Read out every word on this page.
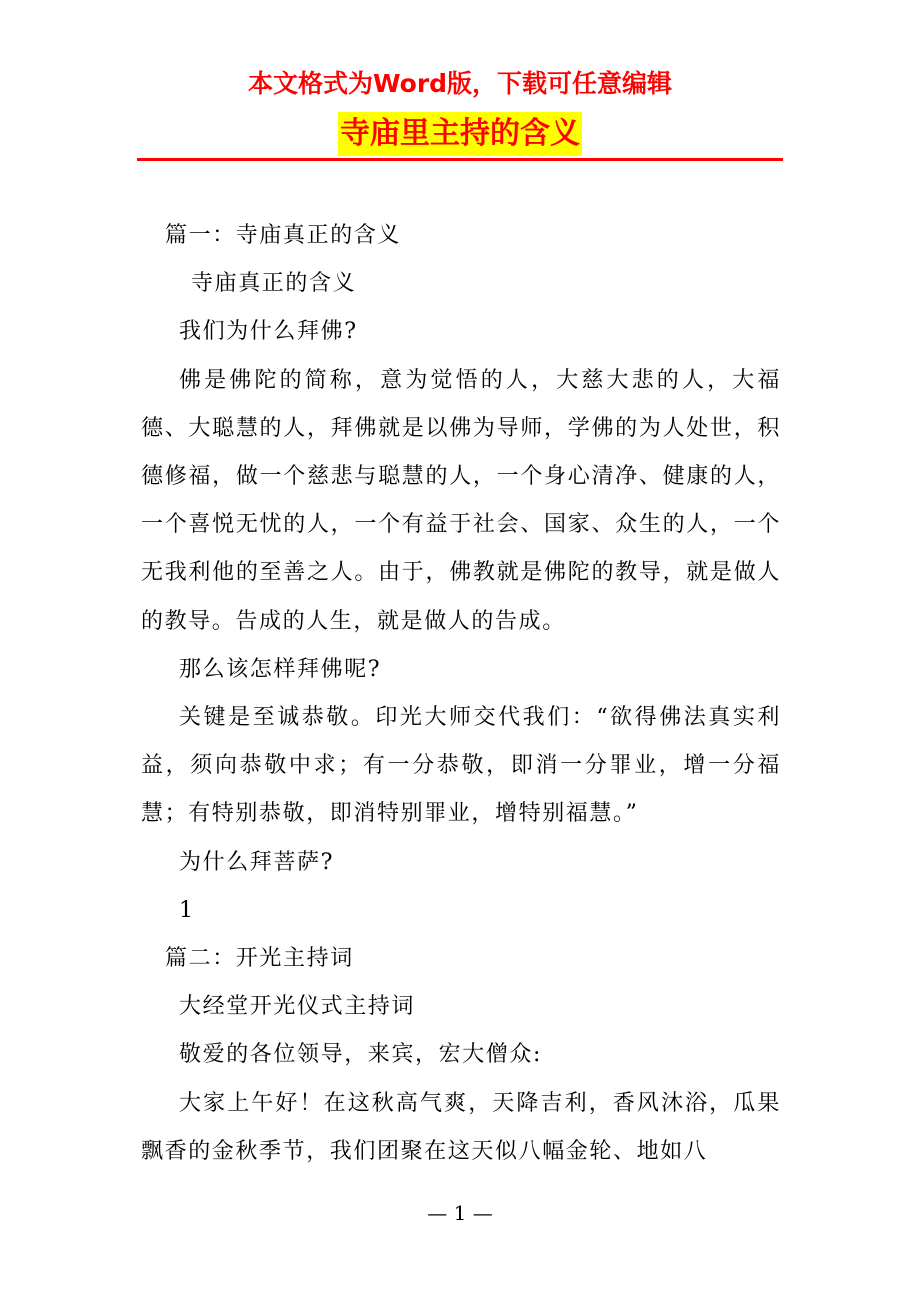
本文格式为Word版，下载可任意编辑
寺庙里主持的含义

篇一：寺庙真正的含义

寺庙真正的含义

我们为什么拜佛?

佛是佛陀的简称，意为觉悟的人，大慈大悲的人，大福德、大聪慧的人，拜佛就是以佛为导师，学佛的为人处世，积德修福，做一个慈悲与聪慧的人，一个身心清净、健康的人，一个喜悦无忧的人，一个有益于社会、国家、众生的人，一个无我利他的至善之人。由于，佛教就是佛陀的教导，就是做人的教导。告成的人生，就是做人的告成。

那么该怎样拜佛呢?

关键是至诚恭敬。印光大师交代我们：“欲得佛法真实利益，须向恭敬中求；有一分恭敬，即消一分罪业，增一分福慧；有特别恭敬，即消特别罪业，增特别福慧。”

为什么拜菩萨?

1

篇二：开光主持词

大经堂开光仪式主持词

敬爱的各位领导，来宾，宏大僧众:

大家上午好！在这秋高气爽，天降吉利，香风沐浴，瓜果飘香的金秋季节，我们团聚在这天似八幅金轮、地如八

— 1 —
